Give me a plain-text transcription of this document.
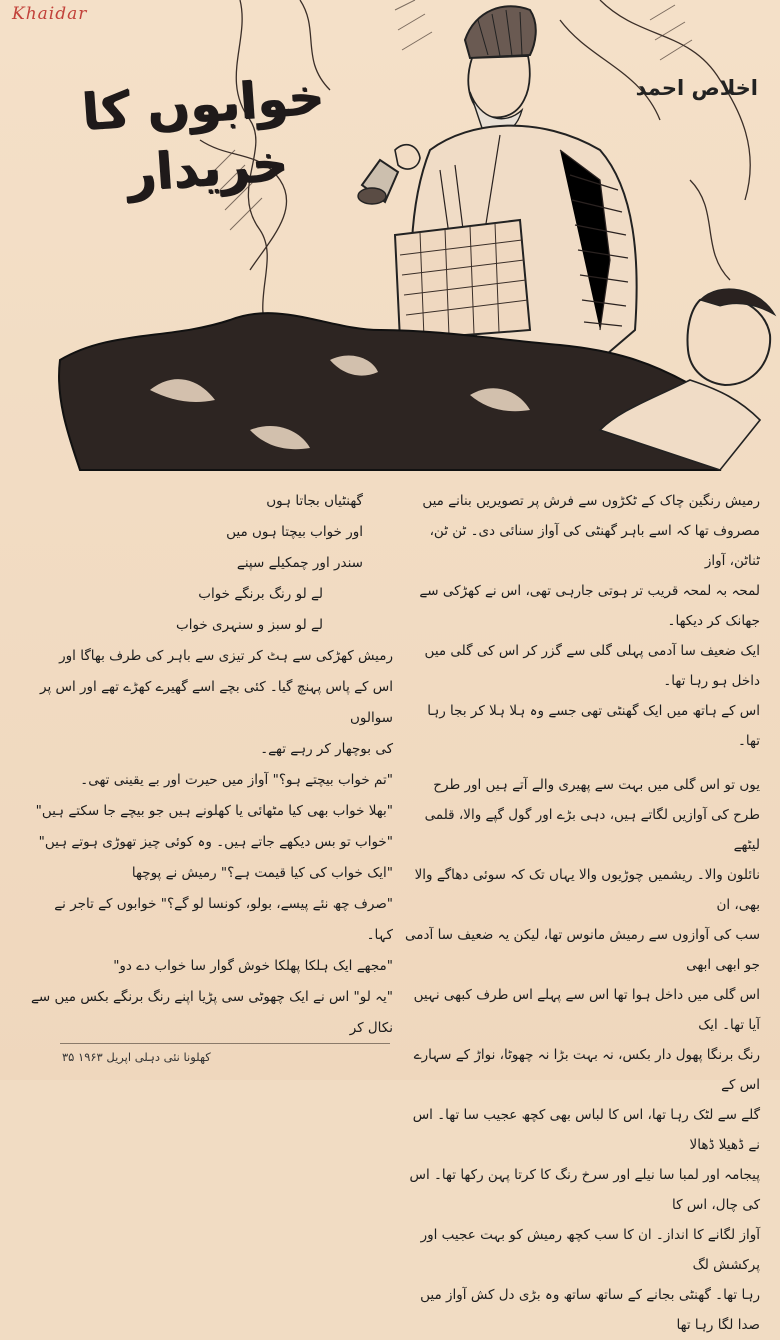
Khaidar
خوابوں کا خریدار
اخلاص احمد

رمیش رنگین چاک کے ٹکڑوں سے فرش پر تصویریں بنانے میں

مصروف تھا کہ اسے باہر گھنٹی کی آواز سنائی دی۔ ٹن ٹن، ٹناٹن، آواز

لمحہ بہ لمحہ قریب تر ہوتی جارہی تھی، اس نے کھڑکی سے جھانک کر دیکھا۔

ایک ضعیف سا آدمی پہلی گلی سے گزر کر اس کی گلی میں داخل ہو رہا تھا۔

اس کے ہاتھ میں ایک گھنٹی تھی جسے وہ ہلا ہلا کر بجا رہا تھا۔

یوں تو اس گلی میں بہت سے پھیری والے آتے ہیں اور طرح

طرح کی آوازیں لگاتے ہیں، دہی بڑے اور گول گپے والا، قلمی لیٹھے

نائلون والا۔ ریشمیں چوڑیوں والا یہاں تک کہ سوئی دھاگے والا بھی، ان

سب کی آوازوں سے رمیش مانوس تھا، لیکن یہ ضعیف سا آدمی جو ابھی ابھی

اس گلی میں داخل ہوا تھا اس سے پہلے اس طرف کبھی نہیں آیا تھا۔ ایک

رنگ برنگا پھول دار بکس، نہ بہت بڑا نہ چھوٹا، نواڑ کے سہارے اس کے

گلے سے لٹک رہا تھا، اس کا لباس بھی کچھ عجیب سا تھا۔ اس نے ڈھیلا ڈھالا

پیجامہ اور لمبا سا نیلے اور سرخ رنگ کا کرتا پہن رکھا تھا۔ اس کی چال، اس کا

آواز لگانے کا انداز۔ ان کا سب کچھ رمیش کو بہت عجیب اور پرکشش لگ

رہا تھا۔ گھنٹی بجانے کے ساتھ ساتھ وہ بڑی دل کش آواز میں صدا لگا رہا تھا

گھنٹیاں بجاتا ہوں

اور خواب بیچتا ہوں میں

سندر اور چمکیلے سپنے

لے لو رنگ برنگے خواب

لے لو سبز و سنہری خواب

رمیش کھڑکی سے ہٹ کر تیزی سے باہر کی طرف بھاگا اور

اس کے پاس پہنچ گیا۔ کئی بچے اسے گھیرے کھڑے تھے اور اس پر سوالوں

کی بوچھار کر رہے تھے۔

"تم خواب بیچتے ہو؟" آواز میں حیرت اور بے یقینی تھی۔

"بھلا خواب بھی کیا مٹھائی یا کھلونے ہیں جو بیچے جا سکتے ہیں"

"خواب تو بس دیکھے جاتے ہیں۔ وہ کوئی چیز تھوڑی ہوتے ہیں"

"ایک خواب کی کیا قیمت ہے؟" رمیش نے پوچھا

"صرف چھ نئے پیسے، بولو، کونسا لو گے؟" خوابوں کے تاجر نے کہا۔

"مجھے ایک ہلکا پھلکا خوش گوار سا خواب دے دو"

"یہ لو" اس نے ایک چھوٹی سی پڑیا اپنے رنگ برنگے بکس میں سے نکال کر

کھلونا نئی دہلی اپریل ۱۹۶۳ ۳۵
